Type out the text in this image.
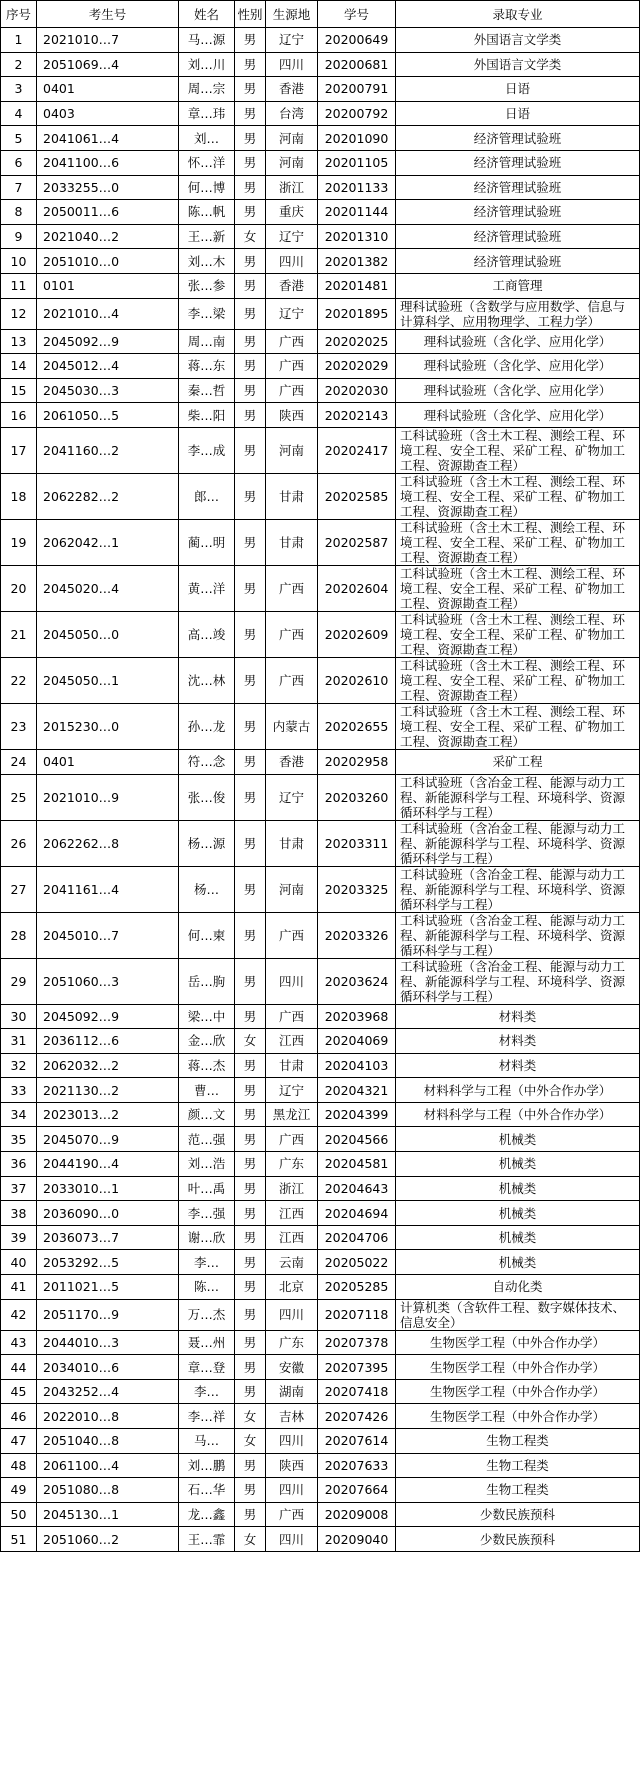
序号	考生号	姓名	性别	生源地	学号	录取专业
1	2021010…7	马…源	男	辽宁	20200649	外国语言文学类
2	2051069…4	刘…川	男	四川	20200681	外国语言文学类
3	0401	周…宗	男	香港	20200791	日语
4	0403	章…玮	男	台湾	20200792	日语
5	2041061…4	刘…	男	河南	20201090	经济管理试验班
6	2041100…6	怀…洋	男	河南	20201105	经济管理试验班
7	2033255…0	何…博	男	浙江	20201133	经济管理试验班
8	2050011…6	陈…帆	男	重庆	20201144	经济管理试验班
9	2021040…2	王…新	女	辽宁	20201310	经济管理试验班
10	2051010…0	刘…木	男	四川	20201382	经济管理试验班
11	0101	张…参	男	香港	20201481	工商管理
12	2021010…4	李…梁	男	辽宁	20201895	理科试验班（含数学与应用数学、信息与计算科学、应用物理学、工程力学）
13	2045092…9	周…南	男	广西	20202025	理科试验班（含化学、应用化学）
14	2045012…4	蒋…东	男	广西	20202029	理科试验班（含化学、应用化学）
15	2045030…3	秦…哲	男	广西	20202030	理科试验班（含化学、应用化学）
16	2061050…5	柴…阳	男	陕西	20202143	理科试验班（含化学、应用化学）
17	2041160…2	李…成	男	河南	20202417	工科试验班（含土木工程、测绘工程、环境工程、安全工程、采矿工程、矿物加工工程、资源勘查工程）
18	2062282…2	郎…	男	甘肃	20202585	工科试验班（含土木工程、测绘工程、环境工程、安全工程、采矿工程、矿物加工工程、资源勘查工程）
19	2062042…1	蔺…明	男	甘肃	20202587	工科试验班（含土木工程、测绘工程、环境工程、安全工程、采矿工程、矿物加工工程、资源勘查工程）
20	2045020…4	黄…洋	男	广西	20202604	工科试验班（含土木工程、测绘工程、环境工程、安全工程、采矿工程、矿物加工工程、资源勘查工程）
21	2045050…0	高…竣	男	广西	20202609	工科试验班（含土木工程、测绘工程、环境工程、安全工程、采矿工程、矿物加工工程、资源勘查工程）
22	2045050…1	沈…林	男	广西	20202610	工科试验班（含土木工程、测绘工程、环境工程、安全工程、采矿工程、矿物加工工程、资源勘查工程）
23	2015230…0	孙…龙	男	内蒙古	20202655	工科试验班（含土木工程、测绘工程、环境工程、安全工程、采矿工程、矿物加工工程、资源勘查工程）
24	0401	符…念	男	香港	20202958	采矿工程
25	2021010…9	张…俊	男	辽宁	20203260	工科试验班（含冶金工程、能源与动力工程、新能源科学与工程、环境科学、资源循环科学与工程）
26	2062262…8	杨…源	男	甘肃	20203311	工科试验班（含冶金工程、能源与动力工程、新能源科学与工程、环境科学、资源循环科学与工程）
27	2041161…4	杨…	男	河南	20203325	工科试验班（含冶金工程、能源与动力工程、新能源科学与工程、环境科学、资源循环科学与工程）
28	2045010…7	何…柬	男	广西	20203326	工科试验班（含冶金工程、能源与动力工程、新能源科学与工程、环境科学、资源循环科学与工程）
29	2051060…3	岳…朐	男	四川	20203624	工科试验班（含冶金工程、能源与动力工程、新能源科学与工程、环境科学、资源循环科学与工程）
30	2045092…9	梁…中	男	广西	20203968	材料类
31	2036112…6	金…欣	女	江西	20204069	材料类
32	2062032…2	蒋…杰	男	甘肃	20204103	材料类
33	2021130…2	曹…	男	辽宁	20204321	材料科学与工程（中外合作办学）
34	2023013…2	颜…文	男	黑龙江	20204399	材料科学与工程（中外合作办学）
35	2045070…9	范…强	男	广西	20204566	机械类
36	2044190…4	刘…浩	男	广东	20204581	机械类
37	2033010…1	叶…禹	男	浙江	20204643	机械类
38	2036090…0	李…强	男	江西	20204694	机械类
39	2036073…7	谢…欣	男	江西	20204706	机械类
40	2053292…5	李…	男	云南	20205022	机械类
41	2011021…5	陈…	男	北京	20205285	自动化类
42	2051170…9	万…杰	男	四川	20207118	计算机类（含软件工程、数字媒体技术、信息安全）
43	2044010…3	聂…州	男	广东	20207378	生物医学工程（中外合作办学）
44	2034010…6	章…登	男	安徽	20207395	生物医学工程（中外合作办学）
45	2043252…4	李…	男	湖南	20207418	生物医学工程（中外合作办学）
46	2022010…8	李…祥	女	吉林	20207426	生物医学工程（中外合作办学）
47	2051040…8	马…	女	四川	20207614	生物工程类
48	2061100…4	刘…鹏	男	陕西	20207633	生物工程类
49	2051080…8	石…华	男	四川	20207664	生物工程类
50	2045130…1	龙…鑫	男	广西	20209008	少数民族预科
51	2051060…2	王…霏	女	四川	20209040	少数民族预科
